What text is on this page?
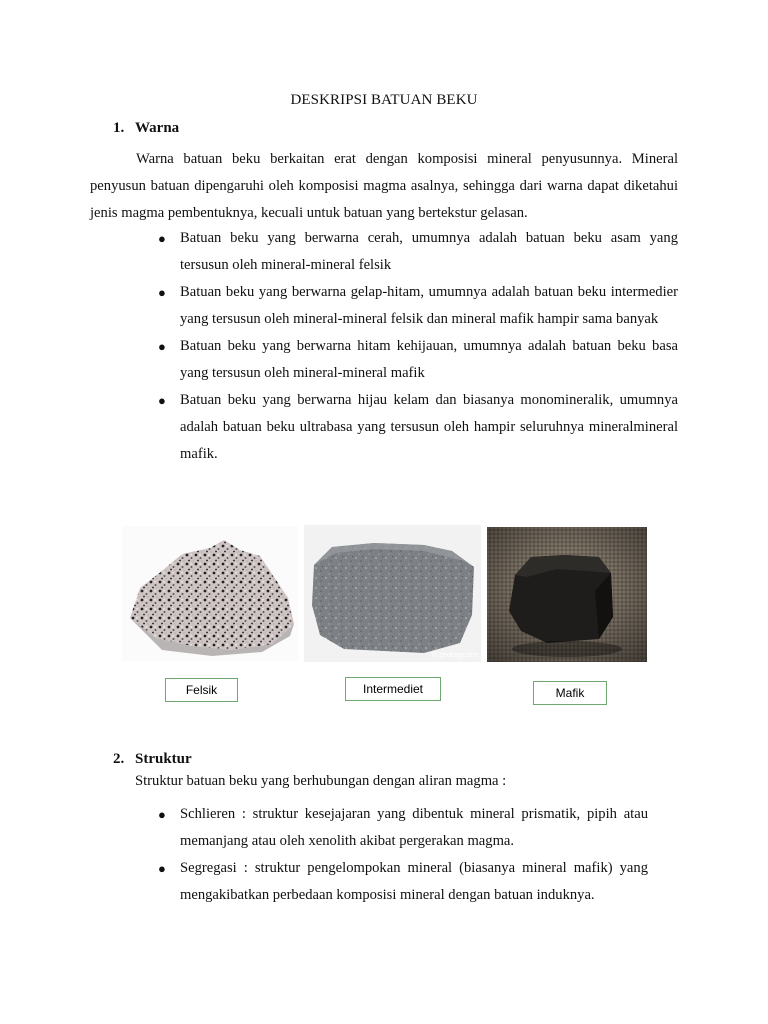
DESKRIPSI BATUAN BEKU
1. Warna

Warna batuan beku berkaitan erat dengan komposisi mineral penyusunnya. Mineral penyusun batuan dipengaruhi oleh komposisi magma asalnya, sehingga dari warna dapat diketahui jenis magma pembentuknya, kecuali untuk batuan yang bertekstur gelasan.

● Batuan beku yang berwarna cerah, umumnya adalah batuan beku asam yang tersusun oleh mineral-mineral felsik
● Batuan beku yang berwarna gelap-hitam, umumnya adalah batuan beku intermedier yang tersusun oleh mineral-mineral felsik dan mineral mafik hampir sama banyak
● Batuan beku yang berwarna hitam kehijauan, umumnya adalah batuan beku basa yang tersusun oleh mineral-mineral mafik
● Batuan beku yang berwarna hijau kelam dan biasanya monomineralik, umumnya adalah batuan beku ultrabasa yang tersusun oleh hampir seluruhnya mineralmineral mafik.
© geology.com
Felsik	Intermediet	Mafik
2. Struktur
Struktur batuan beku yang berhubungan dengan aliran magma :
● Schlieren : struktur kesejajaran yang dibentuk mineral prismatik, pipih atau memanjang atau oleh xenolith akibat pergerakan magma.
● Segregasi : struktur pengelompokan mineral (biasanya mineral mafik) yang mengakibatkan perbedaan komposisi mineral dengan batuan induknya.
